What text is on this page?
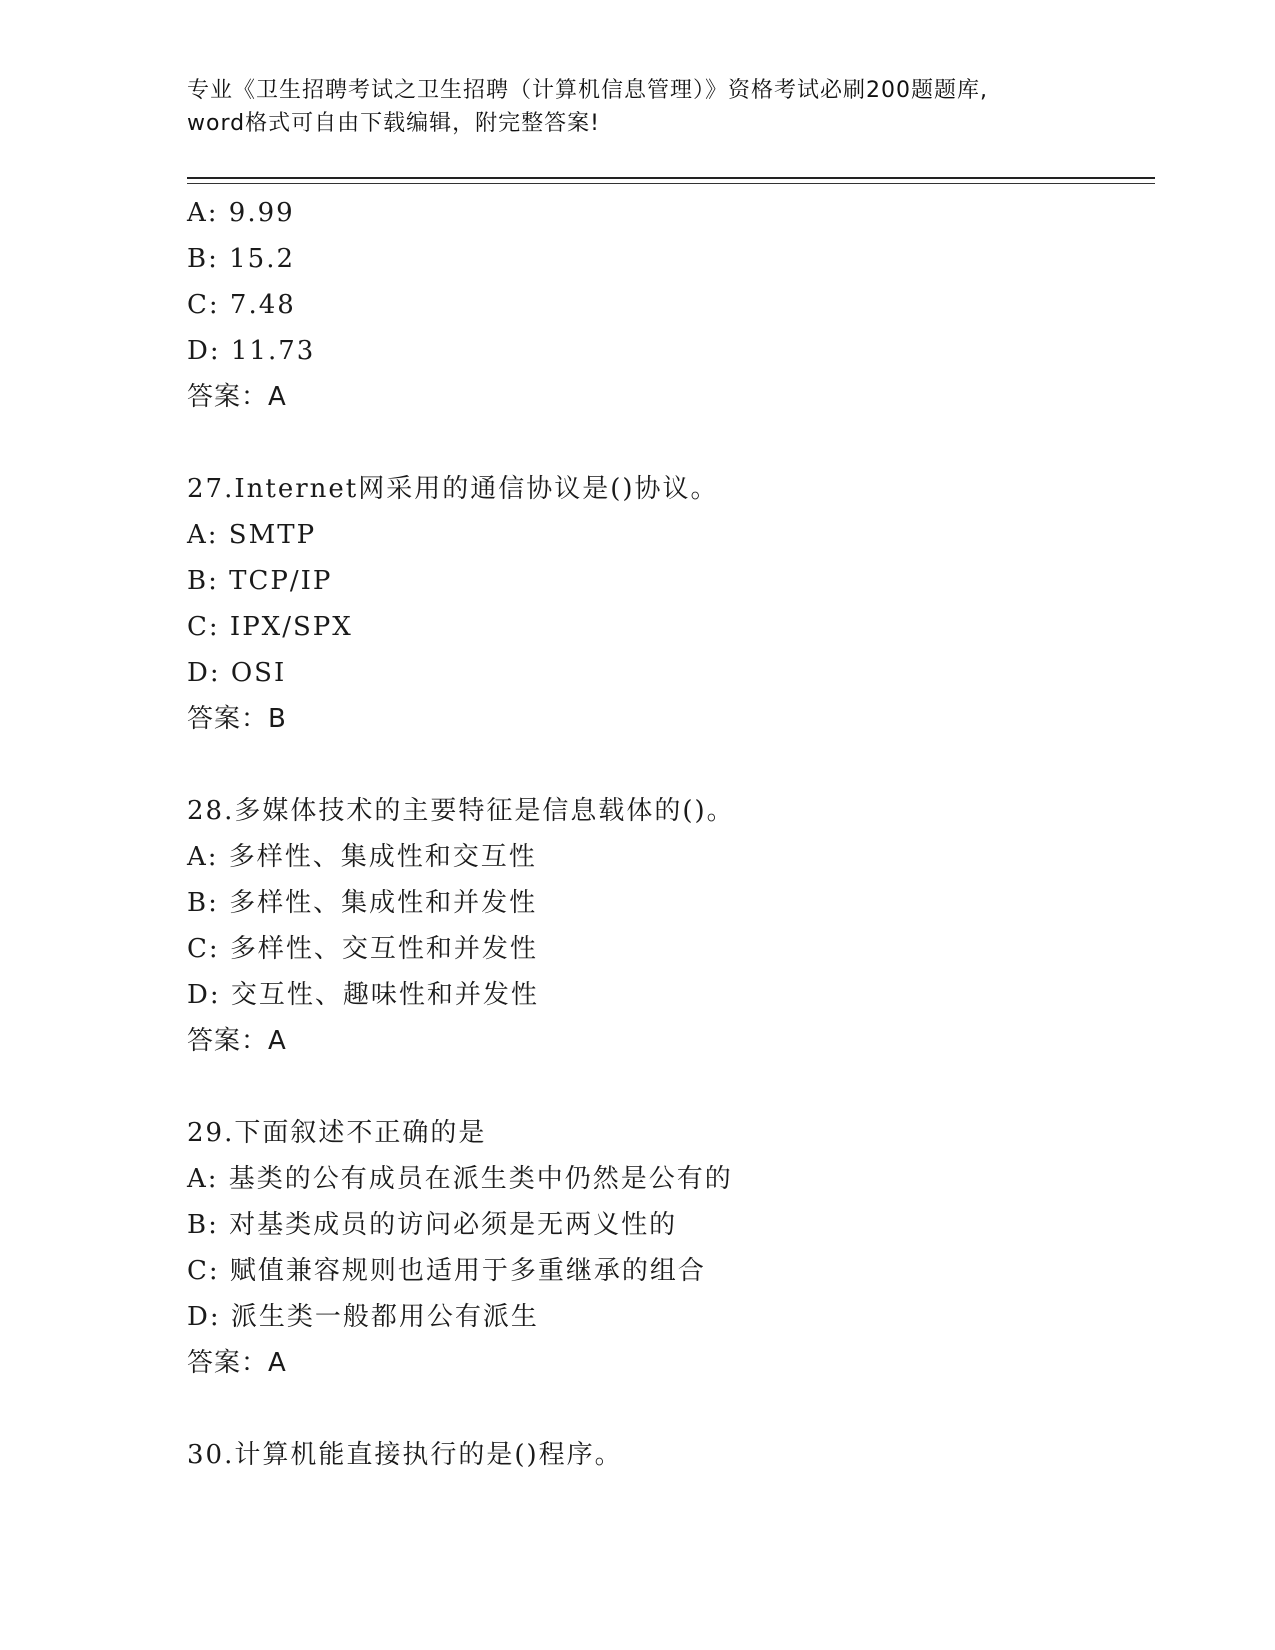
专业《卫生招聘考试之卫生招聘（计算机信息管理）》资格考试必刷200题题库,
word格式可自由下载编辑，附完整答案!
A: 9.99
B: 15.2
C: 7.48
D: 11.73
答案：A
27.Internet网采用的通信协议是()协议。
A: SMTP
B: TCP/IP
C: IPX/SPX
D: OSI
答案：B
28.多媒体技术的主要特征是信息载体的()。
A: 多样性、集成性和交互性
B: 多样性、集成性和并发性
C: 多样性、交互性和并发性
D: 交互性、趣味性和并发性
答案：A
29.下面叙述不正确的是
A: 基类的公有成员在派生类中仍然是公有的
B: 对基类成员的访问必须是无两义性的
C: 赋值兼容规则也适用于多重继承的组合
D: 派生类一般都用公有派生
答案：A
30.计算机能直接执行的是()程序。
